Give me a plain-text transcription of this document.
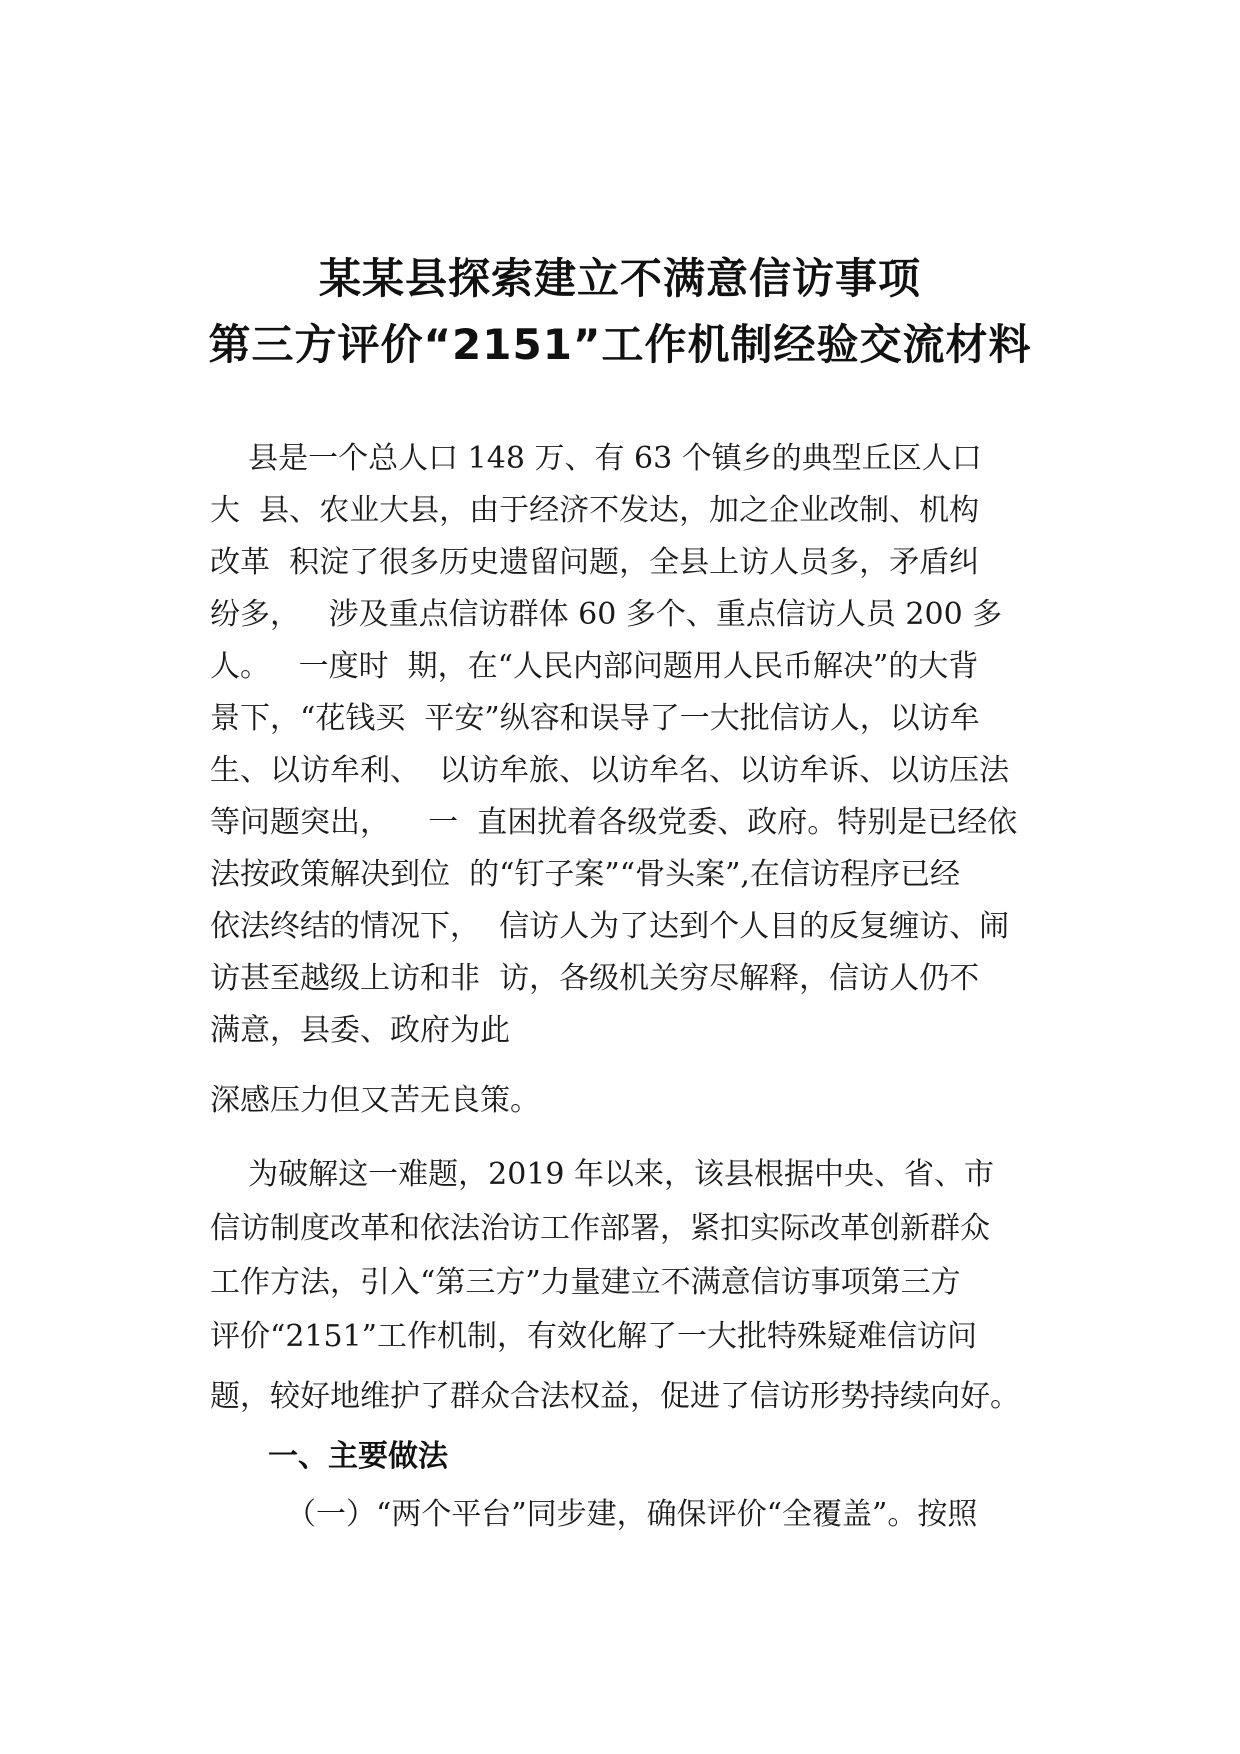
某某县探索建立不满意信访事项
第三方评价“2151”工作机制经验交流材料
县是一个总人口 148 万、有 63 个镇乡的典型丘区人口
大  县、农业大县，由于经济不发达，加之企业改制、机构
改革  积淀了很多历史遗留问题，全县上访人员多，矛盾纠
纷多，   涉及重点信访群体 60 多个、重点信访人员 200 多
人。   一度时  期，在“人民内部问题用人民币解决”的大背
景下，“花钱买  平安”纵容和误导了一大批信访人，以访牟
生、以访牟利、  以访牟旅、以访牟名、以访牟诉、以访压法
等问题突出，    一  直困扰着各级党委、政府。特别是已经依
法按政策解决到位  的“钉子案”“骨头案”,在信访程序已经
依法终结的情况下，  信访人为了达到个人目的反复缠访、闹
访甚至越级上访和非  访，各级机关穷尽解释，信访人仍不
满意，县委、政府为此
深感压力但又苦无良策。
为破解这一难题，2019 年以来，该县根据中央、省、市
信访制度改革和依法治访工作部署，紧扣实际改革创新群众
工作方法，引入“第三方”力量建立不满意信访事项第三方
评价“2151”工作机制，有效化解了一大批特殊疑难信访问
题，较好地维护了群众合法权益，促进了信访形势持续向好。
一、主要做法
（一）“两个平台”同步建，确保评价“全覆盖”。按照
